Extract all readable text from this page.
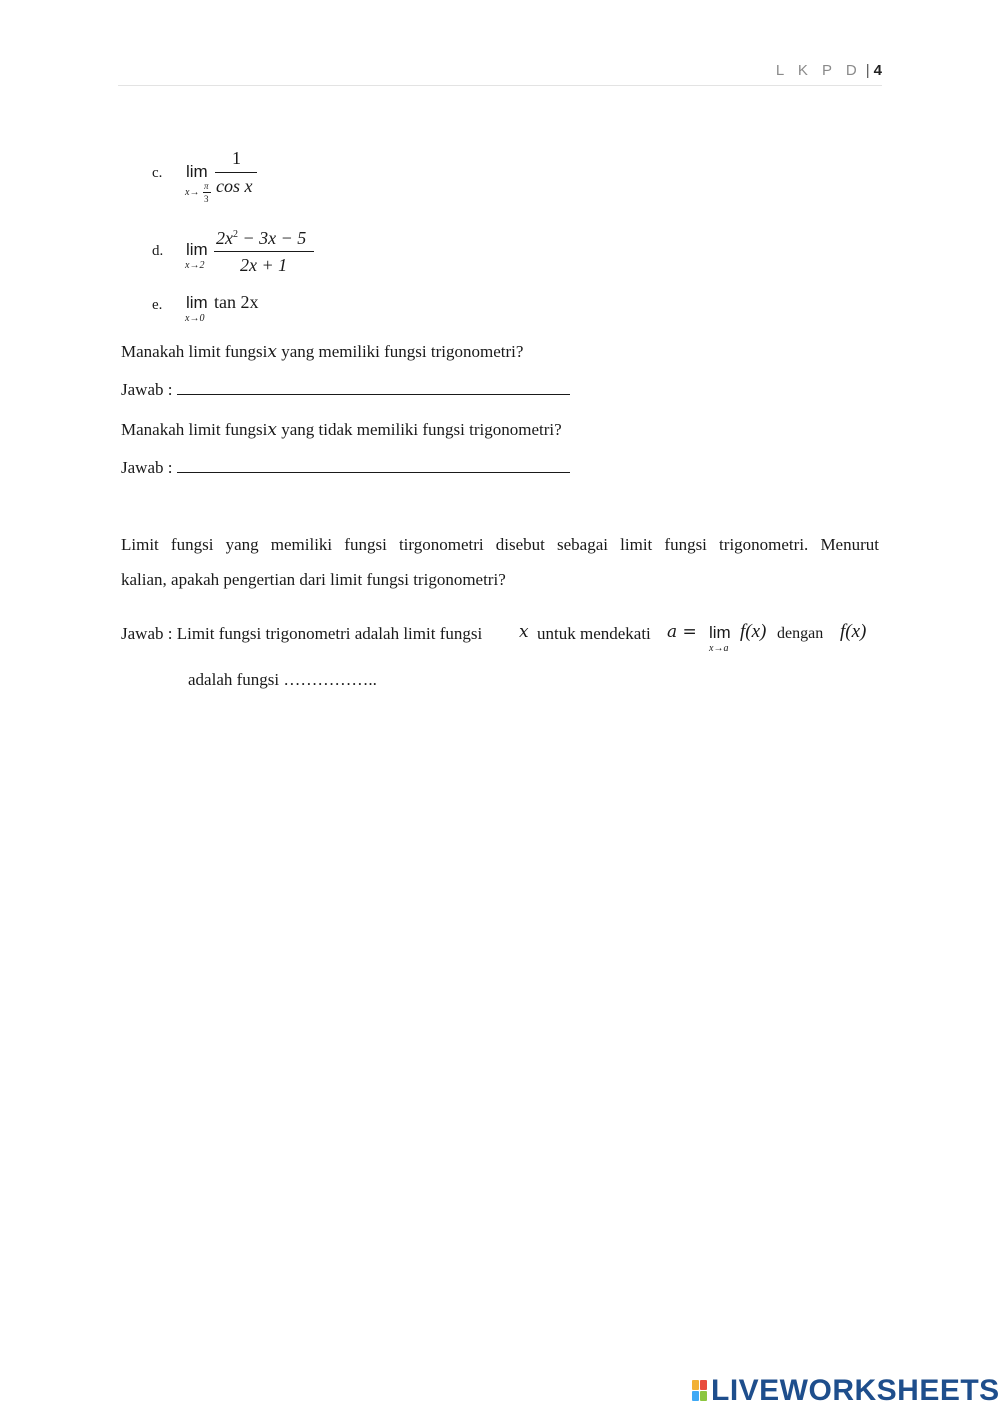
L K P D | 4
c. lim
x→
π
3
1
cos x
d. lim
x→2
$2x^2 - 3x - 5$
2x + 1
e. lim
x→0
tan 2x
Manakah limit fungsix yang memiliki fungsi trigonometri?
Jawab :
Manakah limit fungsix yang tidak memiliki fungsi trigonometri?
Jawab :
Limit fungsi yang memiliki fungsi tirgonometri disebut sebagai limit fungsi trigonometri. Menurut
kalian, apakah pengertian dari limit fungsi trigonometri?
Jawab : Limit fungsi trigonometri adalah limit fungsi x untuk mendekati a = lim
x→a
f(x) dengan f(x)
adalah fungsi ……………..
LIVEWORKSHEETS
